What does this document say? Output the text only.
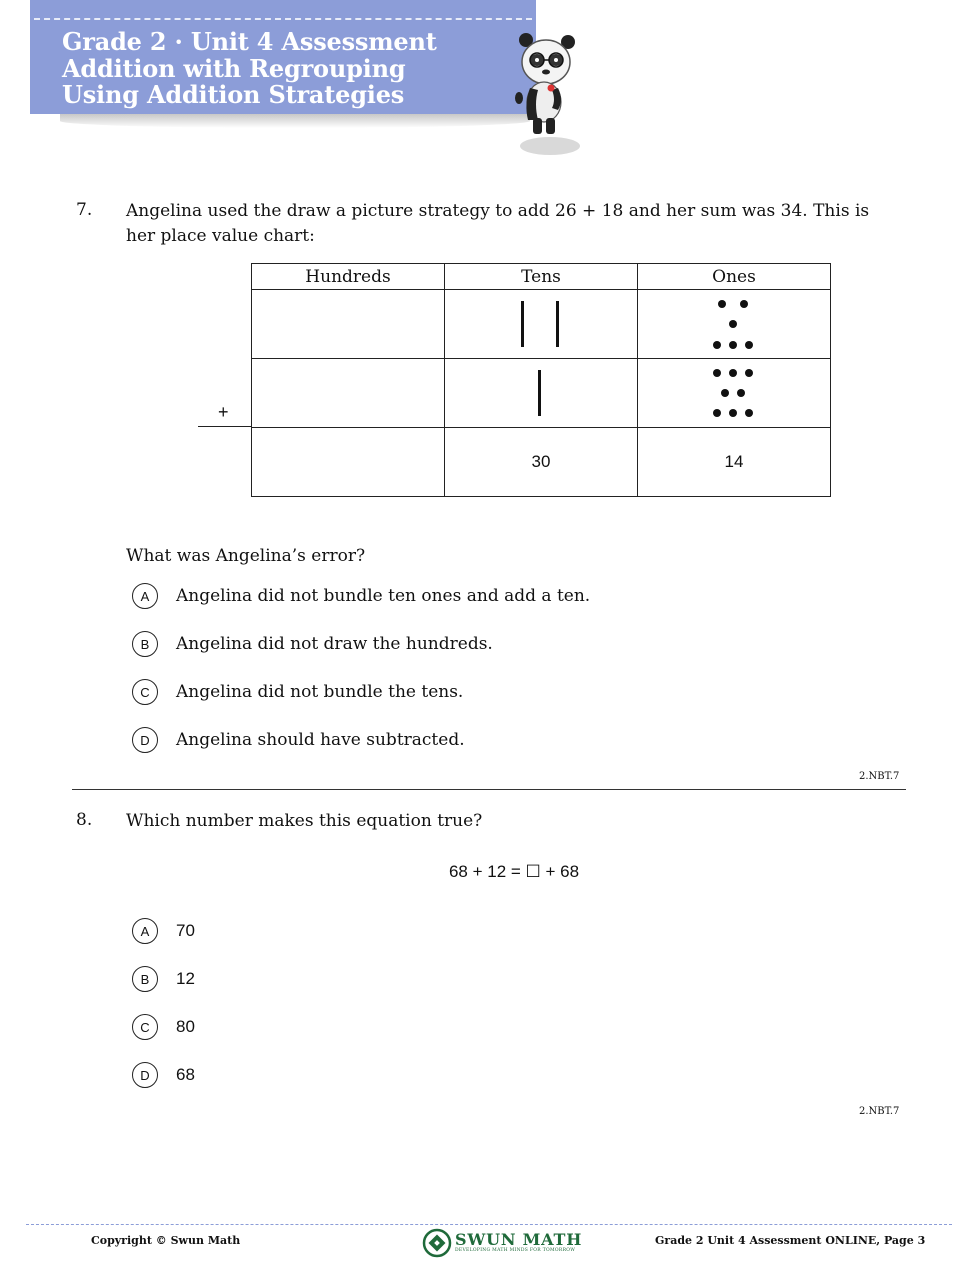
Grade 2 · Unit 4 Assessment
Addition with Regrouping
Using Addition Strategies
7. Angelina used the draw a picture strategy to add 26 + 18 and her sum was 34. This is
her place value chart:
+
Hundreds	Tens	Ones

	30	14
What was Angelina’s error?
A	Angelina did not bundle ten ones and add a ten.
B	Angelina did not draw the hundreds.
C	Angelina did not bundle the tens.
D	Angelina should have subtracted.
2.NBT.7
8. Which number makes this equation true?
68 + 12 = ☐ + 68
A	70
B	12
C	80
D	68
2.NBT.7
Copyright © Swun Math	SWUN MATH
DEVELOPING MATH MINDS FOR TOMORROW
Grade 2 Unit 4 Assessment ONLINE, Page 3
